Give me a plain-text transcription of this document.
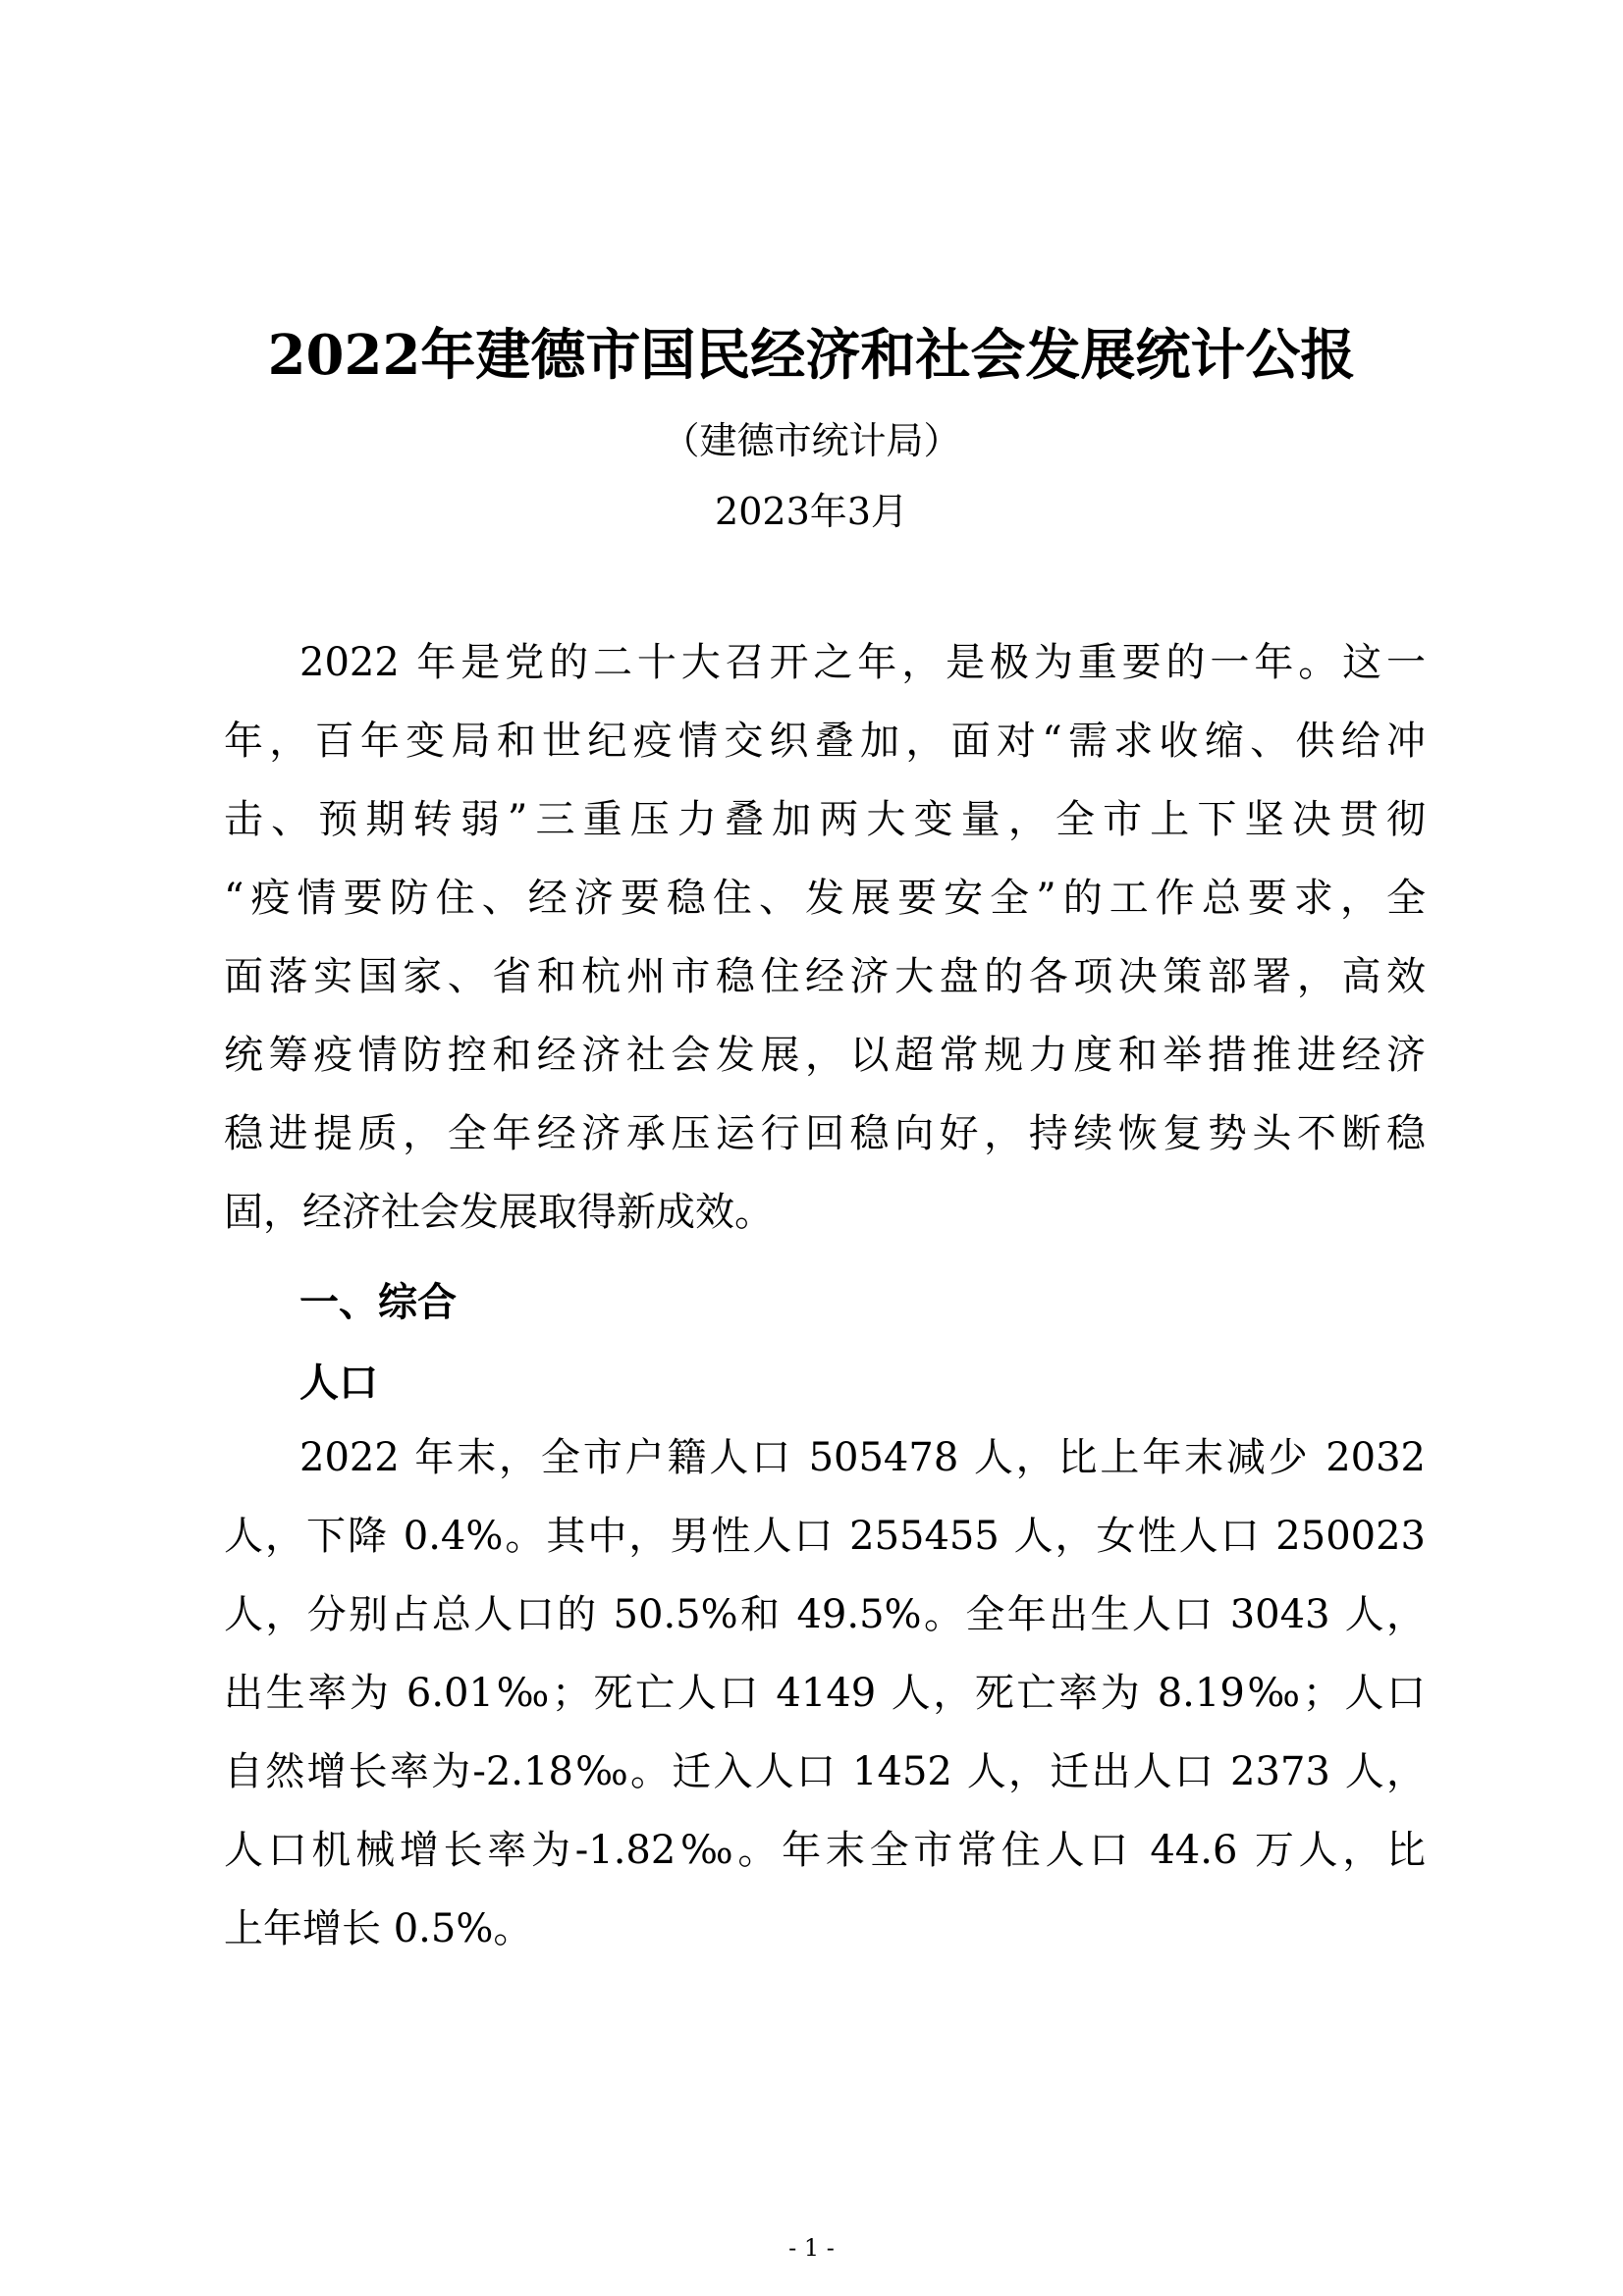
2022年建德市国民经济和社会发展统计公报
（建德市统计局）
2023年3月
2022 年是党的二十大召开之年，是极为重要的一年。这一
年，百年变局和世纪疫情交织叠加，面对“需求收缩、供给冲
击、预期转弱”三重压力叠加两大变量，全市上下坚决贯彻
“疫情要防住、经济要稳住、发展要安全”的工作总要求，全
面落实国家、省和杭州市稳住经济大盘的各项决策部署，高效
统筹疫情防控和经济社会发展，以超常规力度和举措推进经济
稳进提质，全年经济承压运行回稳向好，持续恢复势头不断稳
固，经济社会发展取得新成效。
一、综合
人口
2022 年末，全市户籍人口 505478 人，比上年末减少 2032
人，下降 0.4%。其中，男性人口 255455 人，女性人口 250023
人，分别占总人口的 50.5%和 49.5%。全年出生人口 3043 人，
出生率为 6.01‰；死亡人口 4149 人，死亡率为 8.19‰；人口
自然增长率为-2.18‰。迁入人口 1452 人，迁出人口 2373 人，
人口机械增长率为-1.82‰。年末全市常住人口 44.6 万人，比
上年增长 0.5%。
- 1 -
